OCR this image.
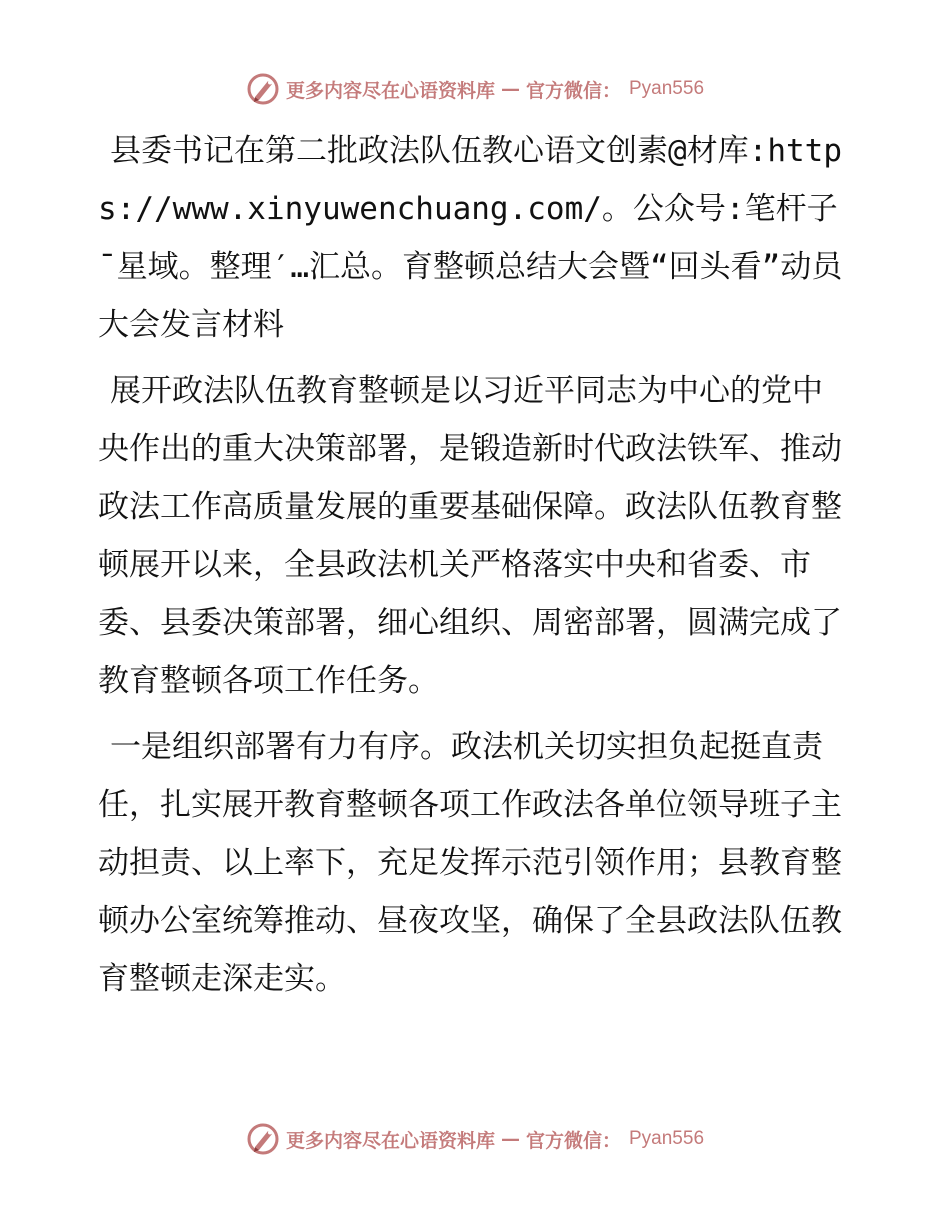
更多内容尽在心语资料库 — 官方微信： Pyan556

县委书记在第二批政法队伍教心语文创素@材库:https://www.xinyuwenchuang.com/。公众号:笔杆子¯星域。整理′…汇总。育整顿总结大会暨“回头看”动员大会发言材料

展开政法队伍教育整顿是以习近平同志为中心的党中央作出的重大决策部署，是锻造新时代政法铁军、推动政法工作高质量发展的重要基础保障。政法队伍教育整顿展开以来，全县政法机关严格落实中央和省委、市委、县委决策部署，细心组织、周密部署，圆满完成了教育整顿各项工作任务。

一是组织部署有力有序。政法机关切实担负起挺直责任，扎实展开教育整顿各项工作政法各单位领导班子主动担责、以上率下，充足发挥示范引领作用；县教育整顿办公室统筹推动、昼夜攻坚，确保了全县政法队伍教育整顿走深走实。

更多内容尽在心语资料库 — 官方微信： Pyan556
